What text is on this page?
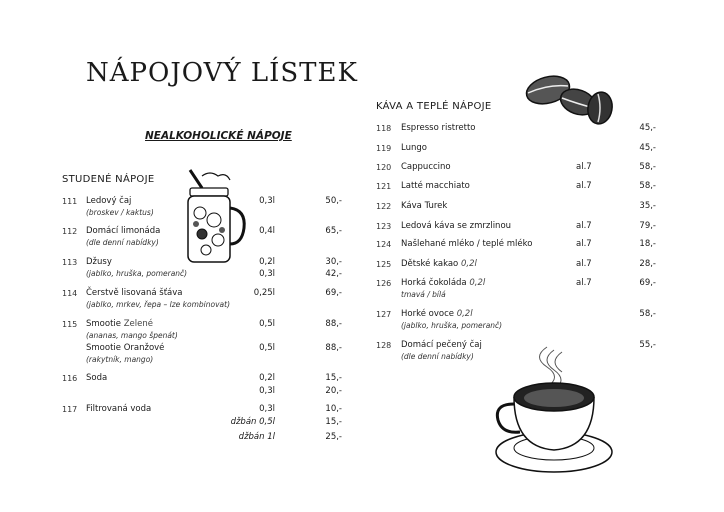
NÁPOJOVÝ LÍSTEK
NEALKOHOLICKÉ NÁPOJE
STUDENÉ NÁPOJE
111 Ledový čaj
(broskev / kaktus)
0,3l	50,-
112 Domácí limonáda
(dle denní nabídky)
0,4l	65,-
113 Džusy
(jablko, hruška, pomeranč)
0,2l	30,-
0,3l	42,-
114 Čerstvě lisovaná šťáva
(jablko, mrkev, řepa – lze kombinovat)
0,25l	69,-
115 Smootie Zelené
(ananas, mango špenát)
0,5l	88,-
Smootie Oranžové
(rakytník, mango)
0,5l	88,-
116 Soda	0,2l	15,-
0,3l	20,-
117 Filtrovaná voda	0,3l	10,-
džbán 0,5l	15,-
džbán 1l	25,-
KÁVA A TEPLÉ NÁPOJE
118 Espresso ristretto	45,-
119 Lungo	45,-
120 Cappuccino	al.7	58,-
121 Latté macchiato	al.7	58,-
122 Káva Turek	35,-
123 Ledová káva se zmrzlinou	al.7	79,-
124 Našlehané mléko / teplé mléko	al.7	18,-
125 Dětské kakao 0,2l	al.7	28,-
126 Horká čokoláda 0,2l
tmavá / bílá
al.7	69,-
127 Horké ovoce 0,2l
(jablko, hruška, pomeranč)
58,-
128 Domácí pečený čaj
(dle denní nabídky)
55,-
